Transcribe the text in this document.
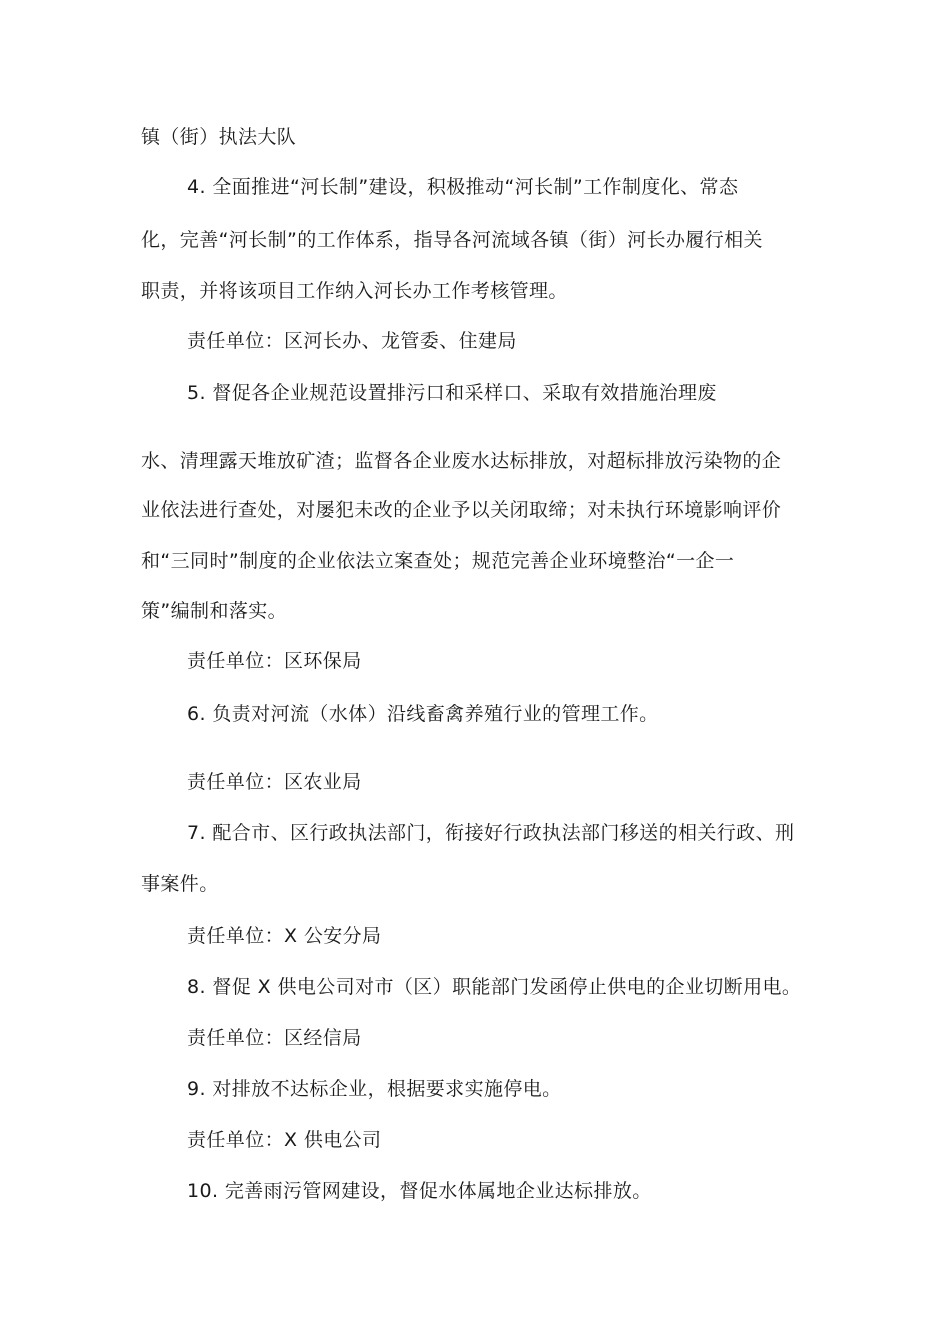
镇（街）执法大队
4. 全面推进“河长制”建设，积极推动“河长制”工作制度化、常态
化，完善“河长制”的工作体系，指导各河流域各镇（街）河长办履行相关
职责，并将该项目工作纳入河长办工作考核管理。
责任单位：区河长办、龙管委、住建局
5. 督促各企业规范设置排污口和采样口、采取有效措施治理废
水、清理露天堆放矿渣；监督各企业废水达标排放，对超标排放污染物的企
业依法进行查处，对屡犯未改的企业予以关闭取缔；对未执行环境影响评价
和“三同时”制度的企业依法立案查处；规范完善企业环境整治“一企一
策”编制和落实。
责任单位：区环保局
6. 负责对河流（水体）沿线畜禽养殖行业的管理工作。
责任单位：区农业局
7. 配合市、区行政执法部门，衔接好行政执法部门移送的相关行政、刑
事案件。
责任单位：X 公安分局
8. 督促 X 供电公司对市（区）职能部门发函停止供电的企业切断用电。
责任单位：区经信局
9. 对排放不达标企业，根据要求实施停电。
责任单位：X 供电公司
10. 完善雨污管网建设，督促水体属地企业达标排放。
